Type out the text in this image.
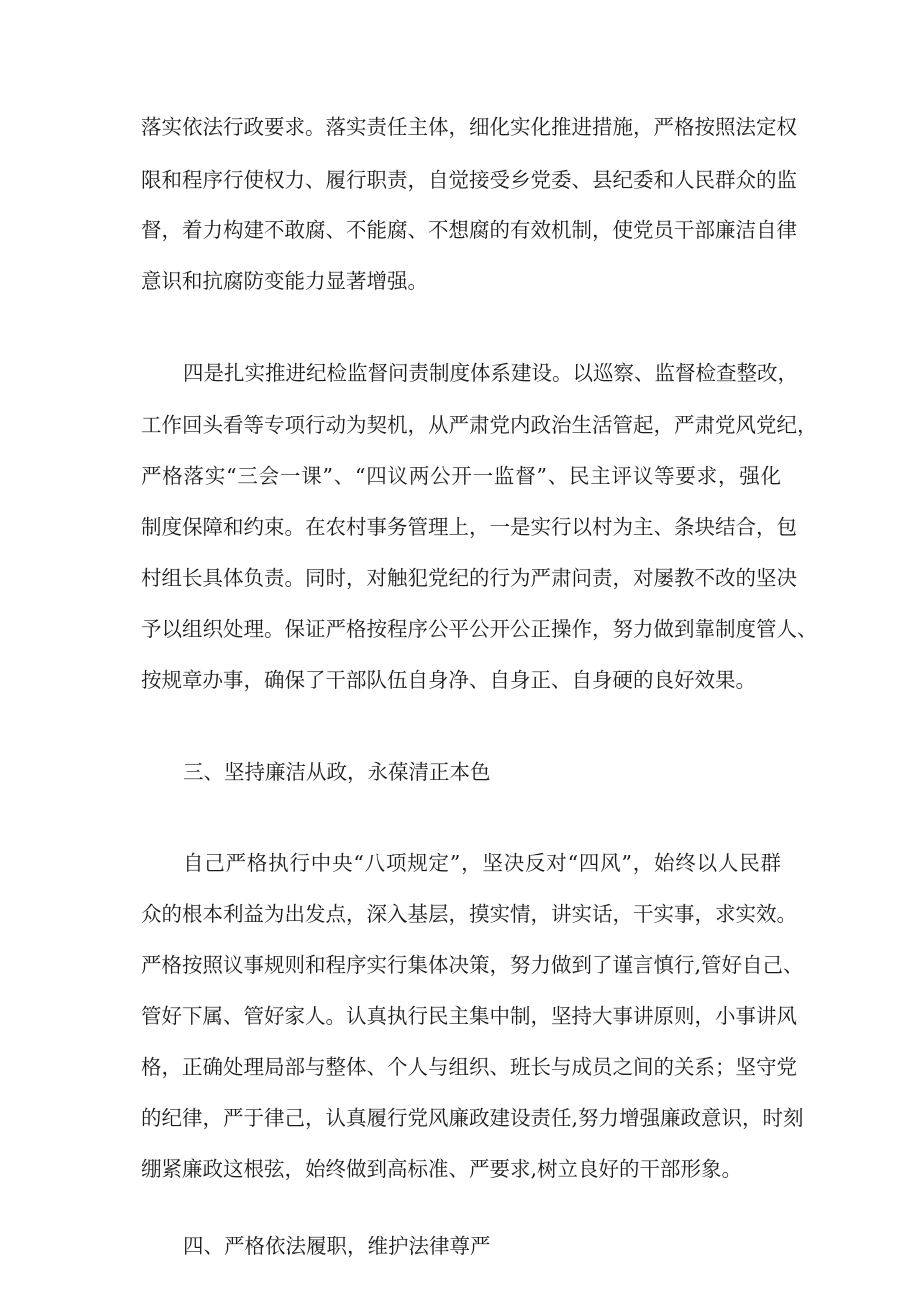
落实依法行政要求。落实责任主体，细化实化推进措施，严格按照法定权
限和程序行使权力、履行职责，自觉接受乡党委、县纪委和人民群众的监
督，着力构建不敢腐、不能腐、不想腐的有效机制，使党员干部廉洁自律
意识和抗腐防变能力显著增强。
四是扎实推进纪检监督问责制度体系建设。以巡察、监督检查整改，
工作回头看等专项行动为契机，从严肃党内政治生活管起，严肃党风党纪，
严格落实“三会一课”、“四议两公开一监督”、民主评议等要求，强化
制度保障和约束。在农村事务管理上，一是实行以村为主、条块结合，包
村组长具体负责。同时，对触犯党纪的行为严肃问责，对屡教不改的坚决
予以组织处理。保证严格按程序公平公开公正操作，努力做到靠制度管人、
按规章办事，确保了干部队伍自身净、自身正、自身硬的良好效果。
三、坚持廉洁从政，永葆清正本色
自己严格执行中央“八项规定”，坚决反对“四风”，始终以人民群
众的根本利益为出发点，深入基层，摸实情，讲实话，干实事，求实效。
严格按照议事规则和程序实行集体决策，努力做到了谨言慎行,管好自己、
管好下属、管好家人。认真执行民主集中制，坚持大事讲原则，小事讲风
格，正确处理局部与整体、个人与组织、班长与成员之间的关系；坚守党
的纪律，严于律己，认真履行党风廉政建设责任,努力增强廉政意识，时刻
绷紧廉政这根弦，始终做到高标准、严要求,树立良好的干部形象。
四、严格依法履职，维护法律尊严
